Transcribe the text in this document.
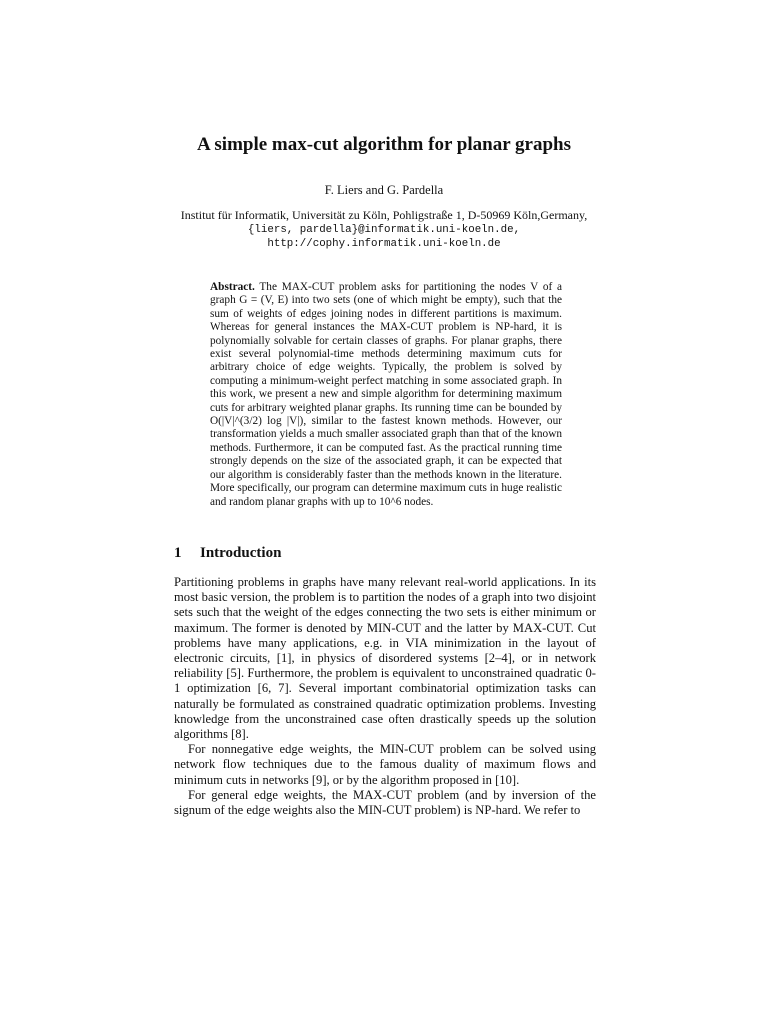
A simple max-cut algorithm for planar graphs
F. Liers and G. Pardella
Institut für Informatik, Universität zu Köln, Pohligstraße 1, D-50969 Köln,Germany,
{liers, pardella}@informatik.uni-koeln.de,
http://cophy.informatik.uni-koeln.de
Abstract. The MAX-CUT problem asks for partitioning the nodes V of a graph G = (V, E) into two sets (one of which might be empty), such that the sum of weights of edges joining nodes in different partitions is maximum. Whereas for general instances the MAX-CUT problem is NP-hard, it is polynomially solvable for certain classes of graphs. For planar graphs, there exist several polynomial-time methods determining maximum cuts for arbitrary choice of edge weights. Typically, the problem is solved by computing a minimum-weight perfect matching in some associated graph. In this work, we present a new and simple algorithm for determining maximum cuts for arbitrary weighted planar graphs. Its running time can be bounded by O(|V|^(3/2) log |V|), similar to the fastest known methods. However, our transformation yields a much smaller associated graph than that of the known methods. Furthermore, it can be computed fast. As the practical running time strongly depends on the size of the associated graph, it can be expected that our algorithm is considerably faster than the methods known in the literature. More specifically, our program can determine maximum cuts in huge realistic and random planar graphs with up to 10^6 nodes.
1 Introduction

Partitioning problems in graphs have many relevant real-world applications. In its most basic version, the problem is to partition the nodes of a graph into two disjoint sets such that the weight of the edges connecting the two sets is either minimum or maximum. The former is denoted by MIN-CUT and the latter by MAX-CUT. Cut problems have many applications, e.g. in VIA minimization in the layout of electronic circuits, [1], in physics of disordered systems [2–4], or in network reliability [5]. Furthermore, the problem is equivalent to unconstrained quadratic 0-1 optimization [6, 7]. Several important combinatorial optimization tasks can naturally be formulated as constrained quadratic optimization problems. Investing knowledge from the unconstrained case often drastically speeds up the solution algorithms [8].

For nonnegative edge weights, the MIN-CUT problem can be solved using network flow techniques due to the famous duality of maximum flows and minimum cuts in networks [9], or by the algorithm proposed in [10].

For general edge weights, the MAX-CUT problem (and by inversion of the signum of the edge weights also the MIN-CUT problem) is NP-hard. We refer to
